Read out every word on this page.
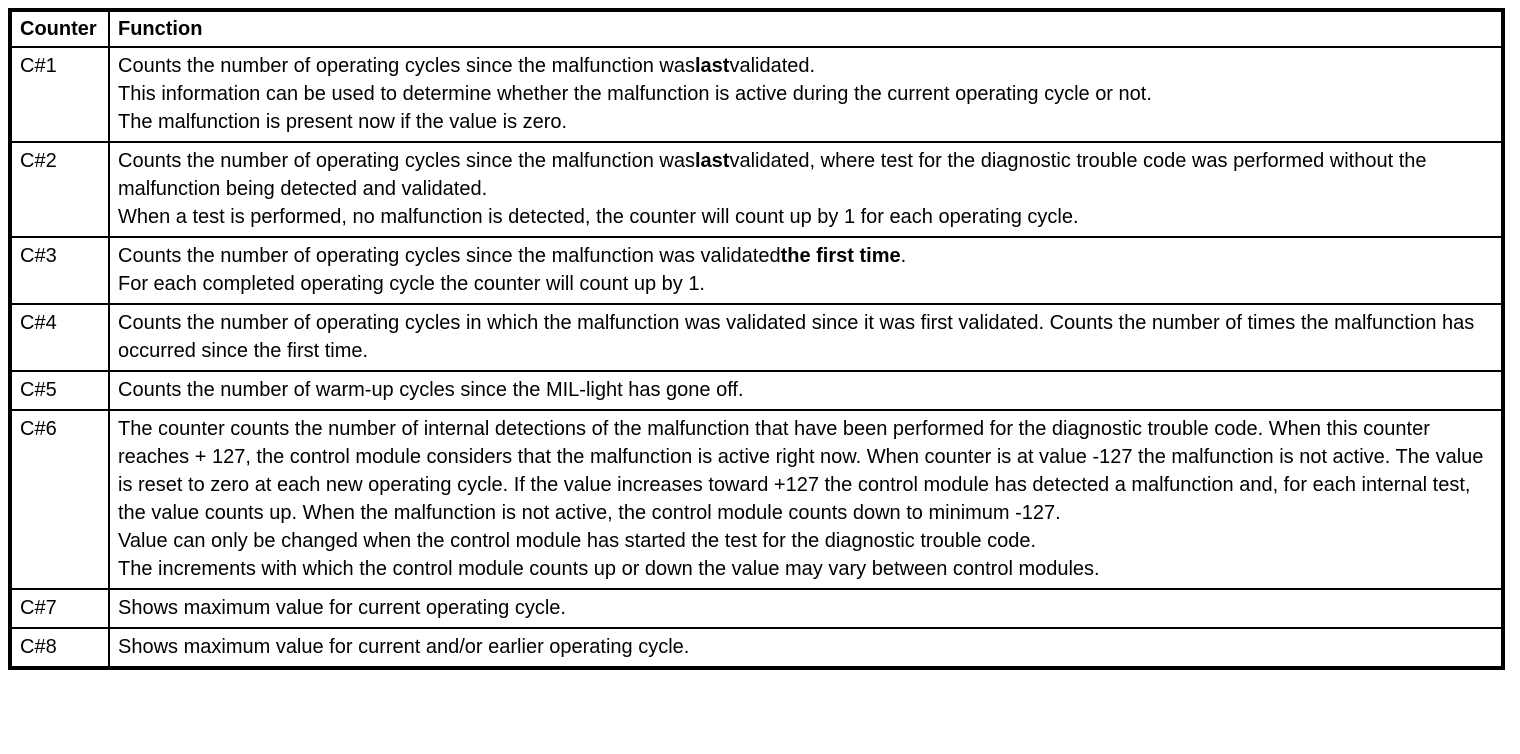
Counter	Function
C#1	Counts the number of operating cycles since the malfunction waslastvalidated.
This information can be used to determine whether the malfunction is active during the current operating cycle or not.
The malfunction is present now if the value is zero.

C#2	Counts the number of operating cycles since the malfunction waslastvalidated, where test for the diagnostic trouble code was performed without the malfunction being detected and validated.
When a test is performed, no malfunction is detected, the counter will count up by 1 for each operating cycle.

C#3	Counts the number of operating cycles since the malfunction was validatedthe first time.
For each completed operating cycle the counter will count up by 1.

C#4	Counts the number of operating cycles in which the malfunction was validated since it was first validated. Counts the number of times the malfunction has occurred since the first time.

C#5	Counts the number of warm-up cycles since the MIL-light has gone off.

C#6	The counter counts the number of internal detections of the malfunction that have been performed for the diagnostic trouble code. When this counter reaches + 127, the control module considers that the malfunction is active right now. When counter is at value -127 the malfunction is not active. The value is reset to zero at each new operating cycle. If the value increases toward +127 the control module has detected a malfunction and, for each internal test, the value counts up. When the malfunction is not active, the control module counts down to minimum -127.
Value can only be changed when the control module has started the test for the diagnostic trouble code.
The increments with which the control module counts up or down the value may vary between control modules.

C#7	Shows maximum value for current operating cycle.

C#8	Shows maximum value for current and/or earlier operating cycle.
